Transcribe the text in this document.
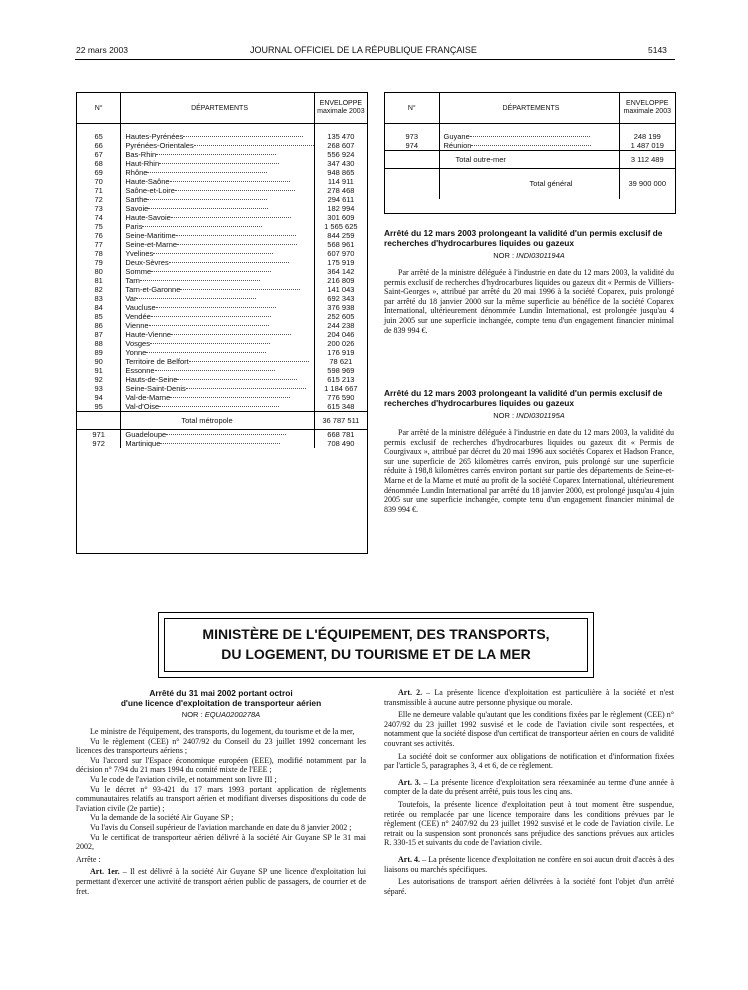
22 mars 2003	JOURNAL OFFICIEL DE LA RÉPUBLIQUE FRANÇAISE	5143
N°	DÉPARTEMENTS	ENVELOPPE
maximale 2003

65	Hautes-Pyrénées	135 470
66	Pyrénées-Orientales	268 607
67	Bas-Rhin	556 924
68	Haut-Rhin	347 430
69	Rhône	948 865
70	Haute-Saône	114 911
71	Saône-et-Loire	278 468
72	Sarthe	294 611
73	Savoie	182 994
74	Haute-Savoie	301 609
75	Paris	1 565 625
76	Seine-Maritime	844 259
77	Seine-et-Marne	568 961
78	Yvelines	607 970
79	Deux-Sèvres	175 919
80	Somme	364 142
81	Tarn	216 809
82	Tarn-et-Garonne	141 043
83	Var	692 343
84	Vaucluse	376 938
85	Vendée	252 605
86	Vienne	244 238
87	Haute-Vienne	204 046
88	Vosges	200 026
89	Yonne	176 919
90	Territoire de Belfort	78 621
91	Essonne	598 969
92	Hauts-de-Seine	615 213
93	Seine-Saint-Denis	1 184 667
94	Val-de-Marne	776 590
95	Val-d'Oise	615 348
	Total métropole	36 787 511
971	Guadeloupe	668 781
972	Martinique	708 490
N°	DÉPARTEMENTS	ENVELOPPE
maximale 2003

973	Guyane	248 199
974	Réunion	1 487 019
	Total outre-mer	3 112 489
	Total général	39 900 000
Arrêté du 12 mars 2003 prolongeant la validité d'un permis exclusif de recherches d'hydrocarbures liquides ou gazeux
NOR : INDI0301194A

Par arrêté de la ministre déléguée à l'industrie en date du 12 mars 2003, la validité du permis exclusif de recherches d'hydrocarbures liquides ou gazeux dit « Permis de Villiers-Saint-Georges », attribué par arrêté du 20 mai 1996 à la société Coparex, puis prolongé par arrêté du 18 janvier 2000 sur la même superficie au bénéfice de la société Coparex International, ultérieurement dénommée Lundin International, est prolongée jusqu'au 4 juin 2005 sur une superficie inchangée, compte tenu d'un engagement financier minimal de 839 994 €.

Arrêté du 12 mars 2003 prolongeant la validité d'un permis exclusif de recherches d'hydrocarbures liquides ou gazeux
NOR : INDI0301195A

Par arrêté de la ministre déléguée à l'industrie en date du 12 mars 2003, la validité du permis exclusif de recherches d'hydrocarbures liquides ou gazeux dit « Permis de Courgivaux », attribué par décret du 20 mai 1996 aux sociétés Coparex et Hadson France, sur une superficie de 265 kilomètres carrés environ, puis prolongé sur une superficie réduite à 198,8 kilomètres carrés environ portant sur partie des départements de Seine-et-Marne et de la Marne et muté au profit de la société Coparex International, ultérieurement dénommée Lundin International par arrêté du 18 janvier 2000, est prolongé jusqu'au 4 juin 2005 sur une superficie inchangée, compte tenu d'un engagement financier minimal de 839 994 €.

MINISTÈRE DE L'ÉQUIPEMENT, DES TRANSPORTS,
DU LOGEMENT, DU TOURISME ET DE LA MER
Arrêté du 31 mai 2002 portant octroi
d'une licence d'exploitation de transporteur aérien
NOR : EQUA0200278A

Le ministre de l'équipement, des transports, du logement, du tourisme et de la mer,

Vu le règlement (CEE) n° 2407/92 du Conseil du 23 juillet 1992 concernant les licences des transporteurs aériens ;

Vu l'accord sur l'Espace économique européen (EEE), modifié notamment par la décision n° 7/94 du 21 mars 1994 du comité mixte de l'EEE ;

Vu le code de l'aviation civile, et notamment son livre III ;

Vu le décret n° 93-421 du 17 mars 1993 portant application de règlements communautaires relatifs au transport aérien et modifiant diverses dispositions du code de l'aviation civile (2e partie) ;

Vu la demande de la société Air Guyane SP ;

Vu l'avis du Conseil supérieur de l'aviation marchande en date du 8 janvier 2002 ;

Vu le certificat de transporteur aérien délivré à la société Air Guyane SP le 31 mai 2002,

Arrête :

Art. 1er. – Il est délivré à la société Air Guyane SP une licence d'exploitation lui permettant d'exercer une activité de transport aérien public de passagers, de courrier et de fret.

Art. 2. – La présente licence d'exploitation est particulière à la société et n'est transmissible à aucune autre personne physique ou morale.

Elle ne demeure valable qu'autant que les conditions fixées par le règlement (CEE) n° 2407/92 du 23 juillet 1992 susvisé et le code de l'aviation civile sont respectées, et notamment que la société dispose d'un certificat de transporteur aérien en cours de validité couvrant ses activités.

La société doit se conformer aux obligations de notification et d'information fixées par l'article 5, paragraphes 3, 4 et 6, de ce règlement.

Art. 3. – La présente licence d'exploitation sera réexaminée au terme d'une année à compter de la date du présent arrêté, puis tous les cinq ans.

Toutefois, la présente licence d'exploitation peut à tout moment être suspendue, retirée ou remplacée par une licence temporaire dans les conditions prévues par le règlement (CEE) n° 2407/92 du 23 juillet 1992 susvisé et le code de l'aviation civile. Le retrait ou la suspension sont prononcés sans préjudice des sanctions prévues aux articles R. 330-15 et suivants du code de l'aviation civile.

Art. 4. – La présente licence d'exploitation ne confère en soi aucun droit d'accès à des liaisons ou marchés spécifiques.

Les autorisations de transport aérien délivrées à la société font l'objet d'un arrêté séparé.
